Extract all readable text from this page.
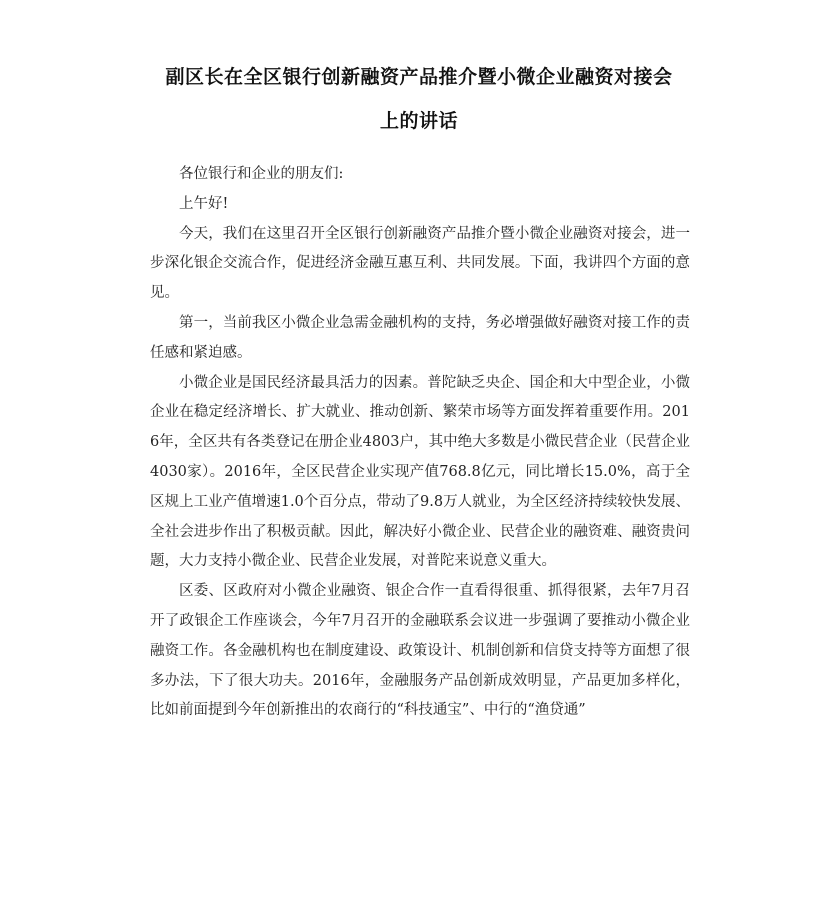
副区长在全区银行创新融资产品推介暨小微企业融资对接会
上的讲话

各位银行和企业的朋友们:

上午好!

今天，我们在这里召开全区银行创新融资产品推介暨小微企业融资对接会，进一步深化银企交流合作，促进经济金融互惠互利、共同发展。下面，我讲四个方面的意见。

第一，当前我区小微企业急需金融机构的支持，务必增强做好融资对接工作的责任感和紧迫感。

小微企业是国民经济最具活力的因素。普陀缺乏央企、国企和大中型企业，小微企业在稳定经济增长、扩大就业、推动创新、繁荣市场等方面发挥着重要作用。2016年，全区共有各类登记在册企业4803户，其中绝大多数是小微民营企业（民营企业4030家）。2016年，全区民营企业实现产值768.8亿元，同比增长15.0%，高于全区规上工业产值增速1.0个百分点，带动了9.8万人就业，为全区经济持续较快发展、全社会进步作出了积极贡献。因此，解决好小微企业、民营企业的融资难、融资贵问题，大力支持小微企业、民营企业发展，对普陀来说意义重大。

区委、区政府对小微企业融资、银企合作一直看得很重、抓得很紧，去年7月召开了政银企工作座谈会，今年7月召开的金融联系会议进一步强调了要推动小微企业融资工作。各金融机构也在制度建设、政策设计、机制创新和信贷支持等方面想了很多办法，下了很大功夫。2016年，金融服务产品创新成效明显，产品更加多样化，比如前面提到今年创新推出的农商行的“科技通宝”、中行的“渔贷通”
